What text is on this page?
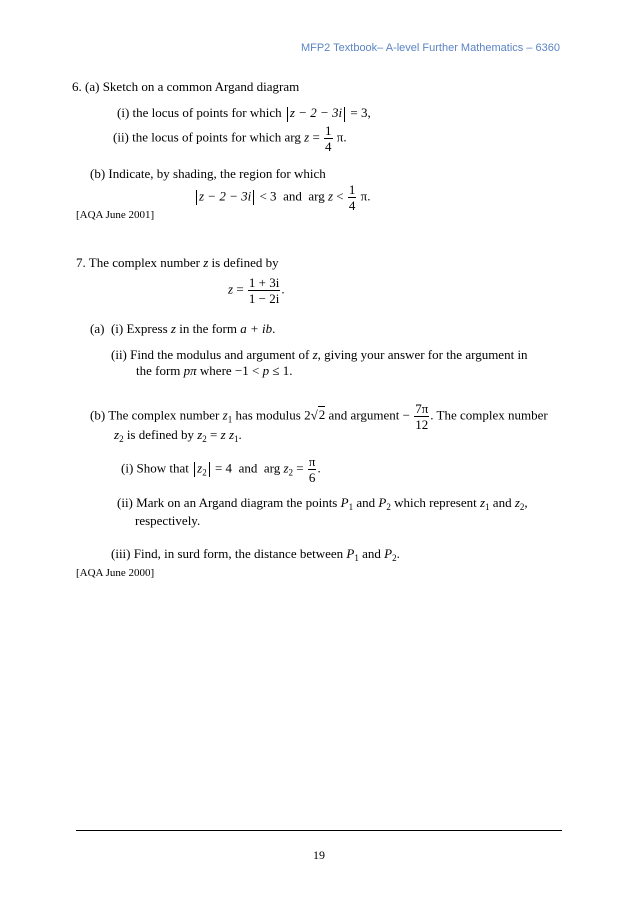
MFP2 Textbook– A-level Further Mathematics – 6360
6. (a) Sketch on a common Argand diagram
(i) the locus of points for which z − 2 − 3i = 3,
(ii) the locus of points for which arg $z = \frac{1}{4} \pi$.
(b) Indicate, by shading, the region for which
z − 2 − 3i < 3 and arg $z < \frac{1}{4} \pi$.
[AQA June 2001]
7. The complex number z is defined by
$z = \frac{1 + 3i}{1 - 2i}$ .
(a) (i) Express z in the form a + ib.
(ii) Find the modulus and argument of z, giving your answer for the argument in
the form pπ where −1 < p ≤ 1.
(b) The complex number $z_1$ has modulus 2√2 and argument − $\frac{7\pi}{12}$ . The complex number
$z_2$ is defined by $z_2 = z$ $z_1$.
(i) Show that $z_2 = 4$ and arg $z_2 = \frac{\pi}{6}$ .
(ii) Mark on an Argand diagram the points $P_1$ and $P_2$ which represent $z_1$ and $z_2$,
respectively.
(iii) Find, in surd form, the distance between $P_1$ and $P_2$.
[AQA June 2000]
19
